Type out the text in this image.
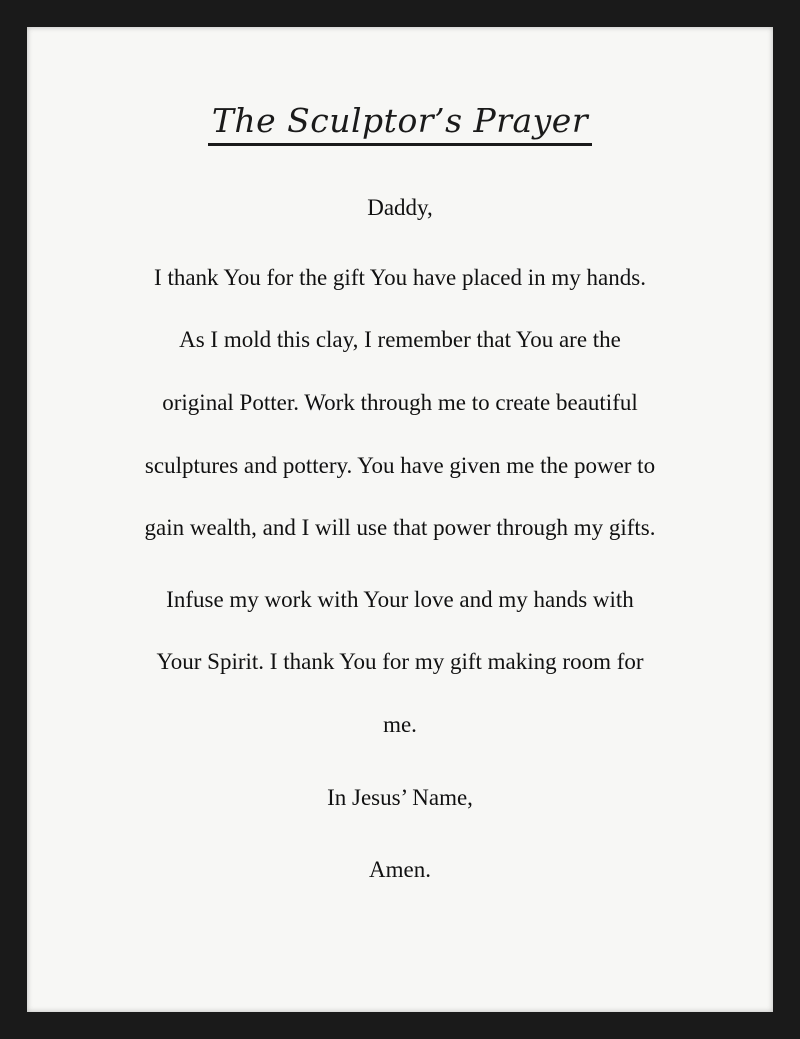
The Sculptor’s Prayer
Daddy,
I thank You for the gift You have placed in my hands.
As I mold this clay, I remember that You are the
original Potter. Work through me to create beautiful
sculptures and pottery. You have given me the power to
gain wealth, and I will use that power through my gifts.
Infuse my work with Your love and my hands with
Your Spirit. I thank You for my gift making room for
me.
In Jesus’ Name,
Amen.
